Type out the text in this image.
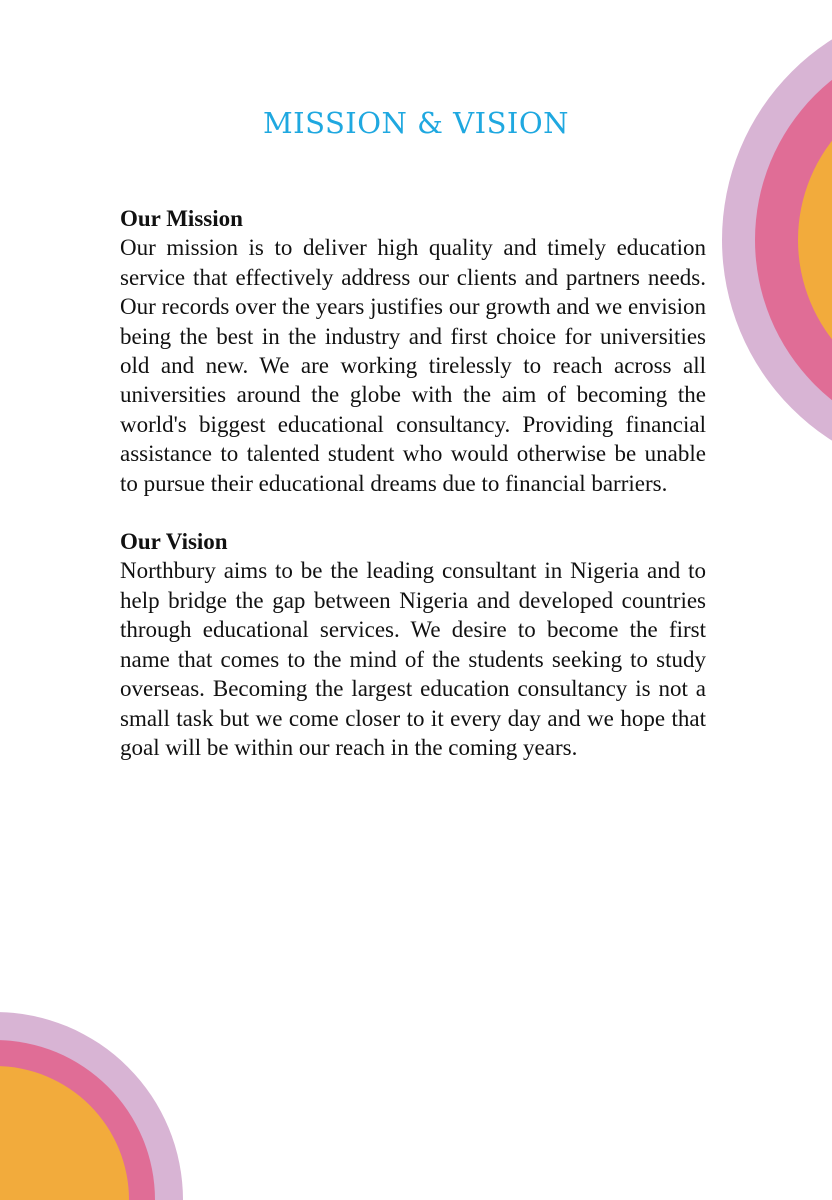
MISSION & VISION

Our Mission

Our mission is to deliver high quality and timely education service that effectively address our clients and partners needs. Our records over the years justifies our growth and we envision being the best in the industry and first choice for universities old and new. We are working tirelessly to reach across all universities around the globe with the aim of becoming the world's biggest educational consultancy. Providing financial assistance to talented student who would otherwise be unable to pursue their educational dreams due to financial barriers.

Our Vision

Northbury aims to be the leading consultant in Nigeria and to help bridge the gap between Nigeria and developed countries through educational services. We desire to become the first name that comes to the mind of the students seeking to study overseas. Becoming the largest education consultancy is not a small task but we come closer to it every day and we hope that goal will be within our reach in the coming years.
